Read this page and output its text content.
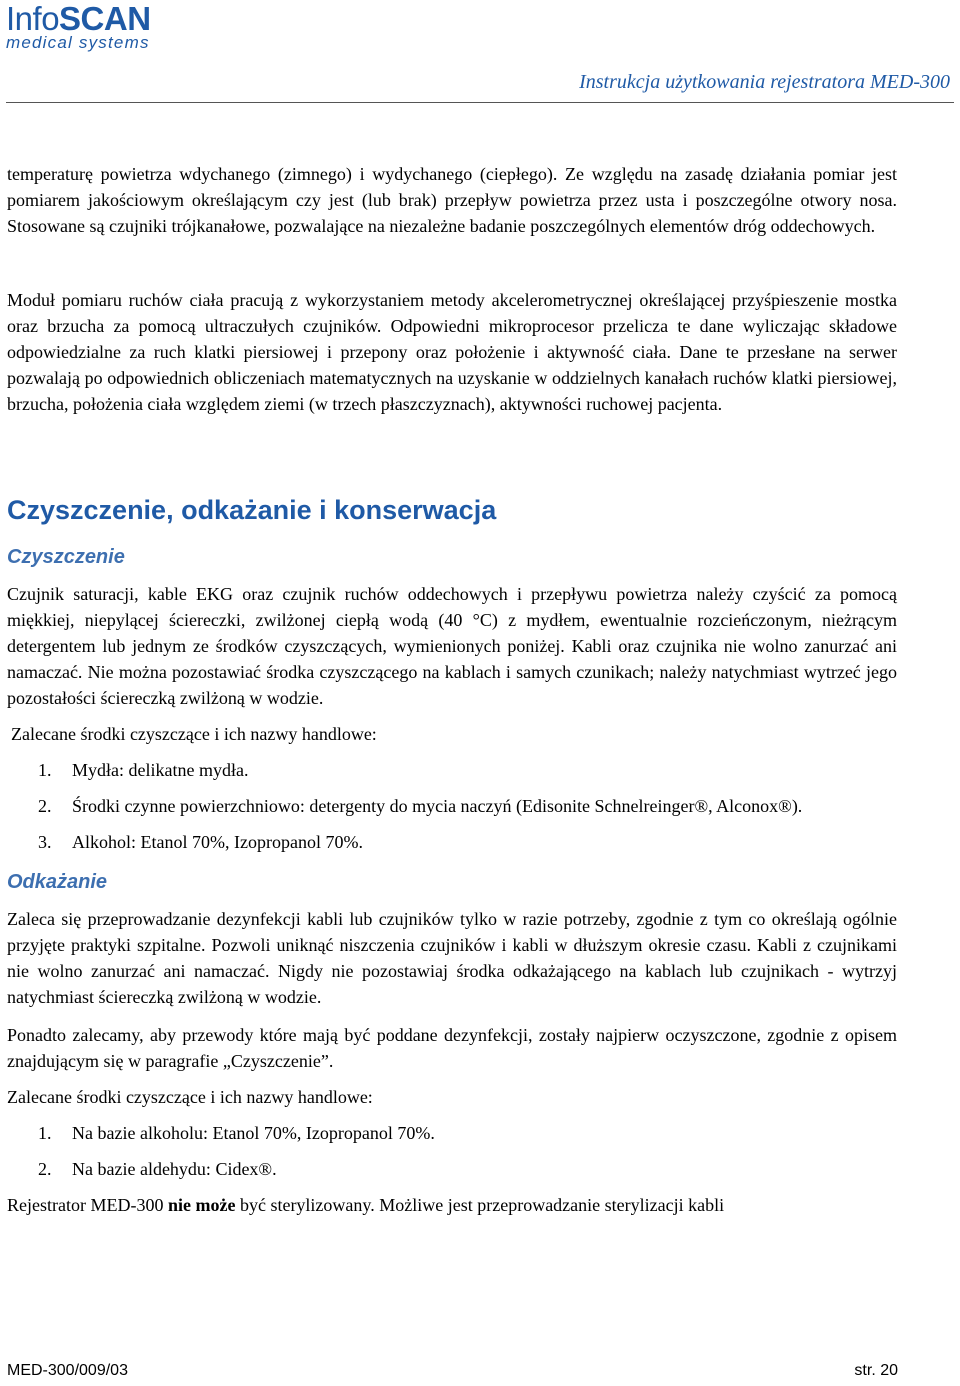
InfoSCAN
medical systems
Instrukcja użytkowania rejestratora MED-300

temperaturę powietrza wdychanego (zimnego) i wydychanego (ciepłego). Ze względu na zasadę działania pomiar jest pomiarem jakościowym określającym czy jest (lub brak) przepływ powietrza przez usta i poszczególne otwory nosa. Stosowane są czujniki trójkanałowe, pozwalające na niezależne badanie poszczególnych elementów dróg oddechowych.

Moduł pomiaru ruchów ciała pracują z wykorzystaniem metody akcelerometrycznej określającej przyśpieszenie mostka oraz brzucha za pomocą ultraczułych czujników. Odpowiedni mikroprocesor przelicza te dane wyliczając składowe odpowiedzialne za ruch klatki piersiowej i przepony oraz położenie i aktywność ciała. Dane te przesłane na serwer pozwalają po odpowiednich obliczeniach matematycznych na uzyskanie w oddzielnych kanałach ruchów klatki piersiowej, brzucha, położenia ciała względem ziemi (w trzech płaszczyznach), aktywności ruchowej pacjenta.

Czyszczenie, odkażanie i konserwacja
Czyszczenie

Czujnik saturacji, kable EKG oraz czujnik ruchów oddechowych i przepływu powietrza należy czyścić za pomocą miękkiej, niepylącej ściereczki, zwilżonej ciepłą wodą (40 °C) z mydłem, ewentualnie rozcieńczonym, nieżrącym detergentem lub jednym ze środków czyszczących, wymienionych poniżej. Kabli oraz czujnika nie wolno zanurzać ani namaczać. Nie można pozostawiać środka czyszczącego na kablach i samych czunikach; należy natychmiast wytrzeć jego pozostałości ściereczką zwilżoną w wodzie.

Zalecane środki czyszczące i ich nazwy handlowe:

1. Mydła: delikatne mydła.
2. Środki czynne powierzchniowo: detergenty do mycia naczyń (Edisonite Schnelreinger®, Alconox®).
3. Alkohol: Etanol 70%, Izopropanol 70%.
Odkażanie

Zaleca się przeprowadzanie dezynfekcji kabli lub czujników tylko w razie potrzeby, zgodnie z tym co określają ogólnie przyjęte praktyki szpitalne. Pozwoli uniknąć niszczenia czujników i kabli w dłuższym okresie czasu. Kabli z czujnikami nie wolno zanurzać ani namaczać. Nigdy nie pozostawiaj środka odkażającego na kablach lub czujnikach - wytrzyj natychmiast ściereczką zwilżoną w wodzie.

Ponadto zalecamy, aby przewody które mają być poddane dezynfekcji, zostały najpierw oczyszczone, zgodnie z opisem znajdującym się w paragrafie „Czyszczenie”.

Zalecane środki czyszczące i ich nazwy handlowe:

1. Na bazie alkoholu: Etanol 70%, Izopropanol 70%.
2. Na bazie aldehydu: Cidex®.

Rejestrator MED-300 nie może być sterylizowany. Możliwe jest przeprowadzanie sterylizacji kabli

MED-300/009/03	str. 20
